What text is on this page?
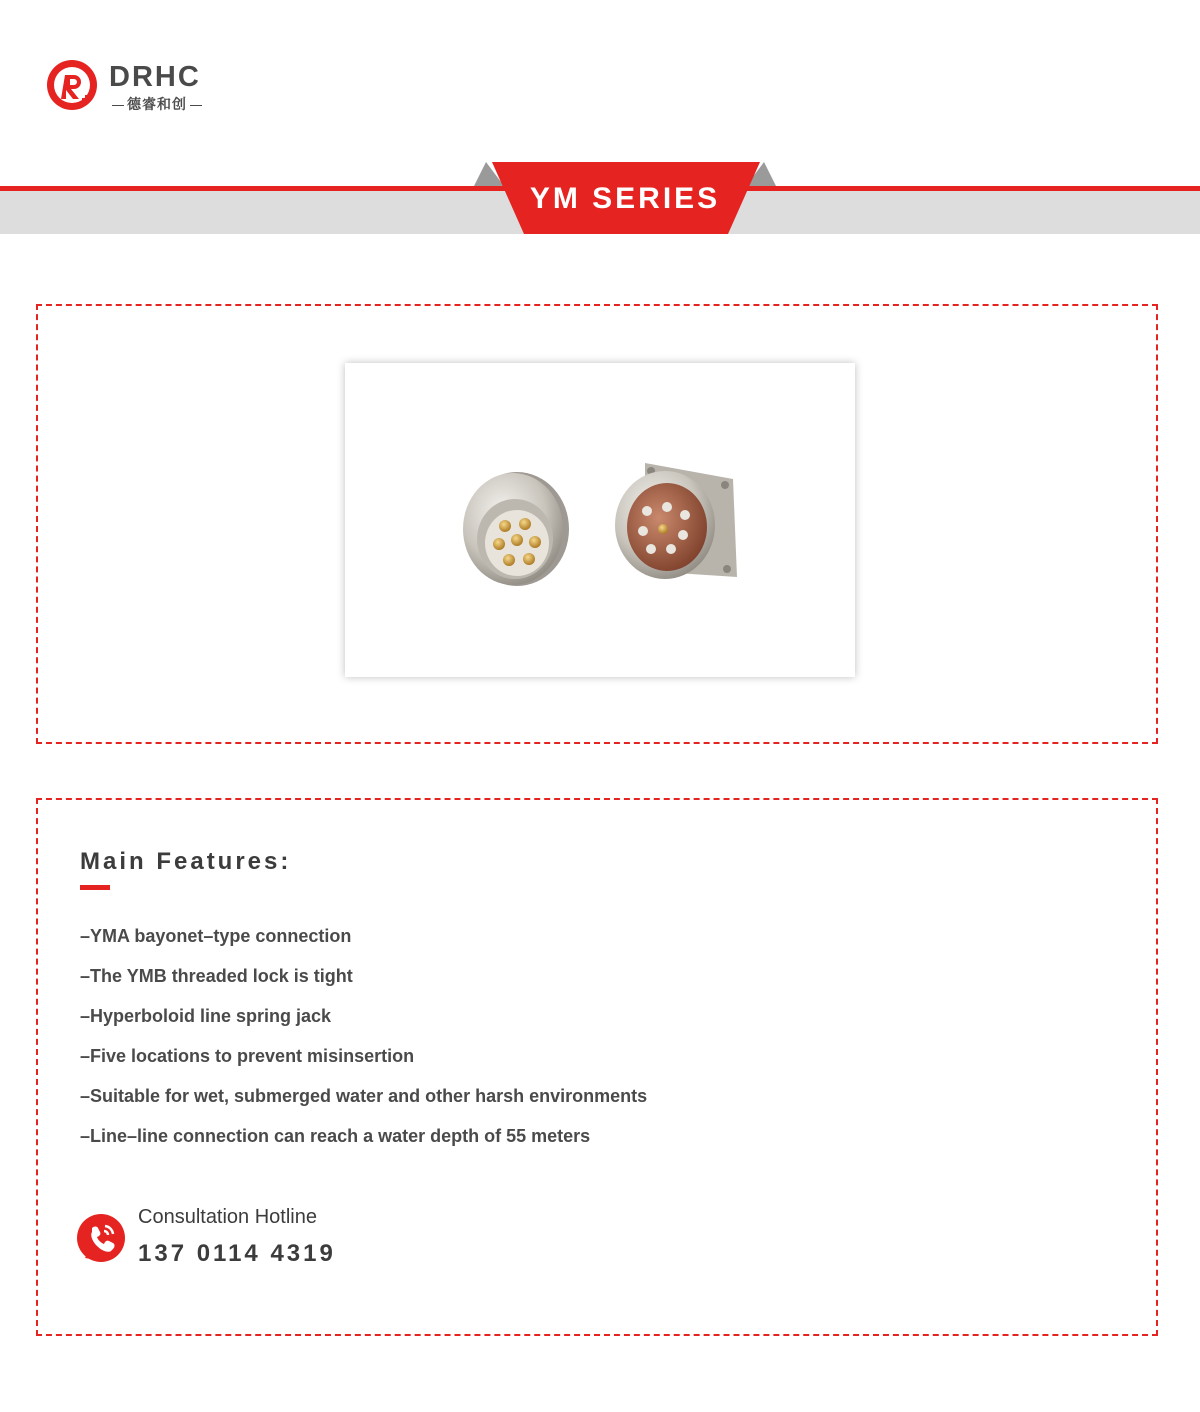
DRHC
德睿和创
YM SERIES
Main Features:
–YMA bayonet–type connection
–The YMB threaded lock is tight
–Hyperboloid line spring jack
–Five locations to prevent misinsertion
–Suitable for wet, submerged water and other harsh environments
–Line–line connection can reach a water depth of 55 meters
Consultation Hotline
137 0114 4319
